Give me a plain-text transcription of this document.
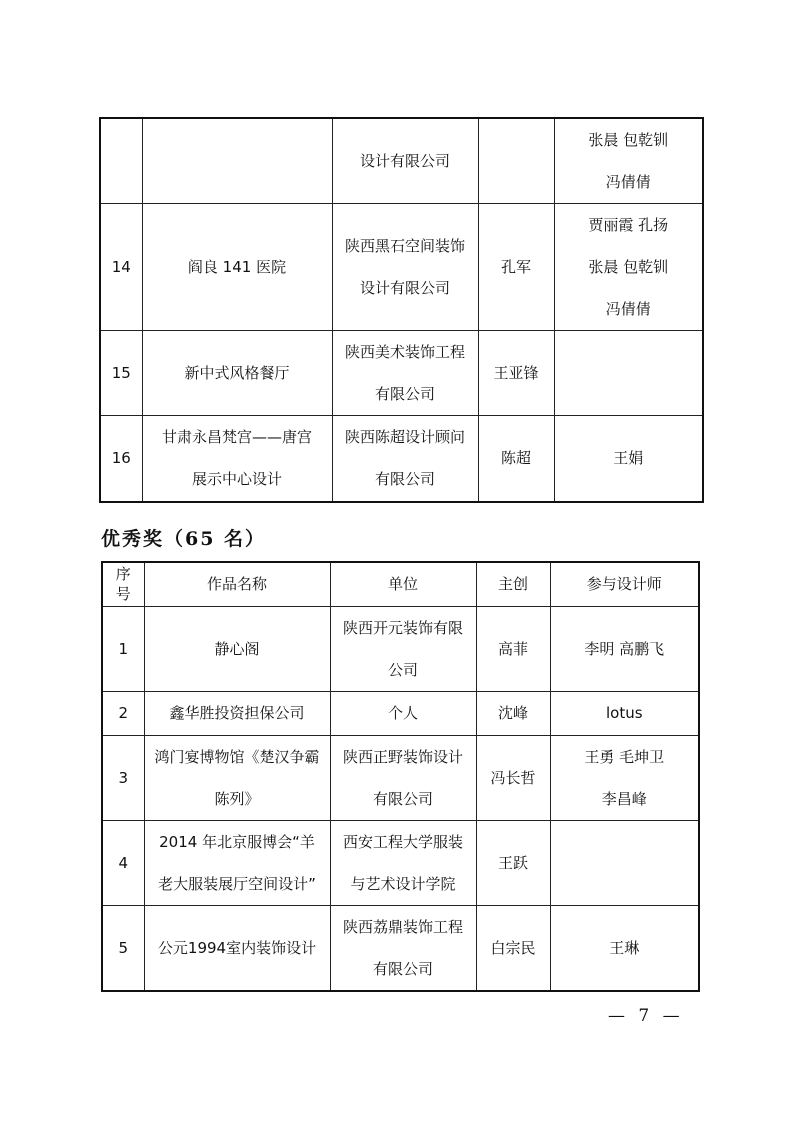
		设计有限公司		张晨 包乾钏
冯倩倩

14	阎良 141 医院	陕西黑石空间装饰
设计有限公司	孔军	贾丽霞 孔扬
张晨 包乾钏
冯倩倩

15	新中式风格餐厅	陕西美术装饰工程
有限公司	王亚锋	
16	甘肃永昌梵宫——唐宫
展示中心设计	陕西陈超设计顾问
有限公司	陈超	王娟
优秀奖（65 名）
序
号	作品名称	单位	主创	参与设计师
1	静心阁	陕西开元装饰有限
公司	高菲	李明 高鹏飞

2	鑫华胜投资担保公司	个人	沈峰	lotus

3	鸿门宴博物馆《楚汉争霸
陈列》	陕西正野装饰设计
有限公司	冯长哲	王勇 毛坤卫
李昌峰

4	2014 年北京服博会“羊
老大服装展厅空间设计”	西安工程大学服装
与艺术设计学院	王跃	
5	公元1994室内装饰设计	陕西荔鼎装饰工程
有限公司	白宗民	王琳
— 7 —
